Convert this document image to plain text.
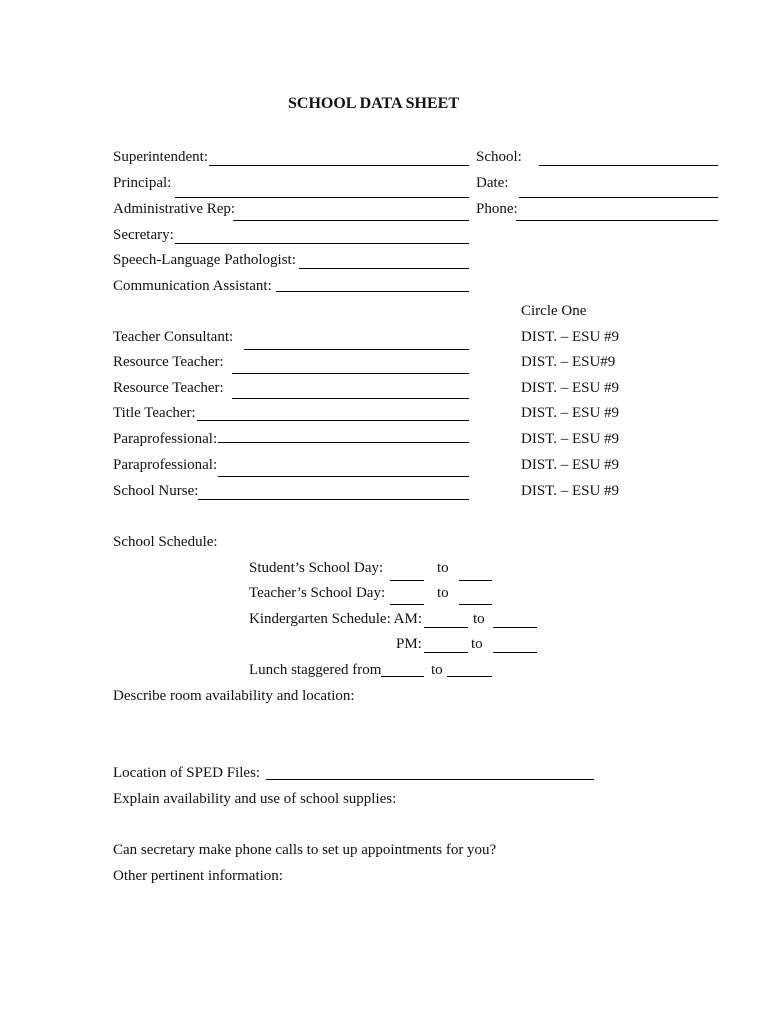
SCHOOL DATA SHEET
Superintendent:
Principal:
Administrative Rep:
Secretary:
Speech-Language Pathologist:
Communication Assistant:
School:
Date:
Phone:
Circle One
Teacher Consultant:	DIST. – ESU #9
Resource Teacher:	DIST. – ESU#9
Resource Teacher:	DIST. – ESU #9
Title Teacher:	DIST. – ESU #9
Paraprofessional:	DIST. – ESU #9
Paraprofessional:	DIST. – ESU #9
School Nurse:	DIST. – ESU #9
School Schedule:
Student’s School Day:	to
Teacher’s School Day:	to
Kindergarten Schedule: AM:	to
PM:	to
Lunch staggered from	to
Describe room availability and location:
Location of SPED Files:
Explain availability and use of school supplies:
Can secretary make phone calls to set up appointments for you?
Other pertinent information:
